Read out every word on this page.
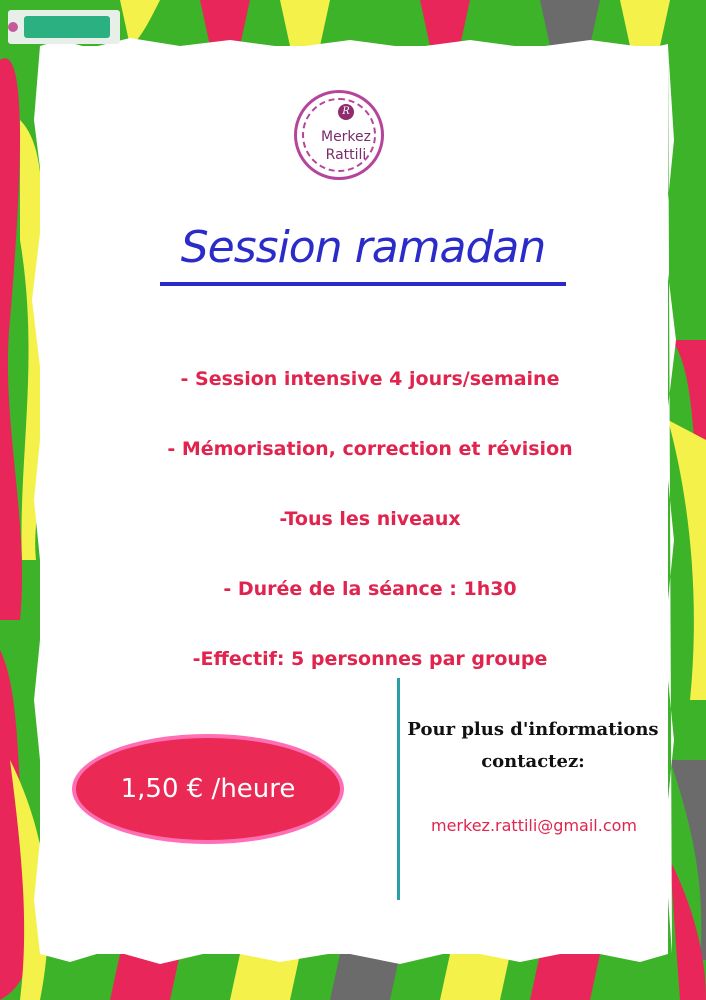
R
Merkez
Rattili
Session ramadan
- Session intensive 4 jours/semaine
- Mémorisation, correction et révision
-Tous les niveaux
- Durée de la séance : 1h30
-Effectif: 5 personnes par groupe
1,50 € /heure
Pour plus d'informations
contactez:
merkez.rattili@gmail.com
